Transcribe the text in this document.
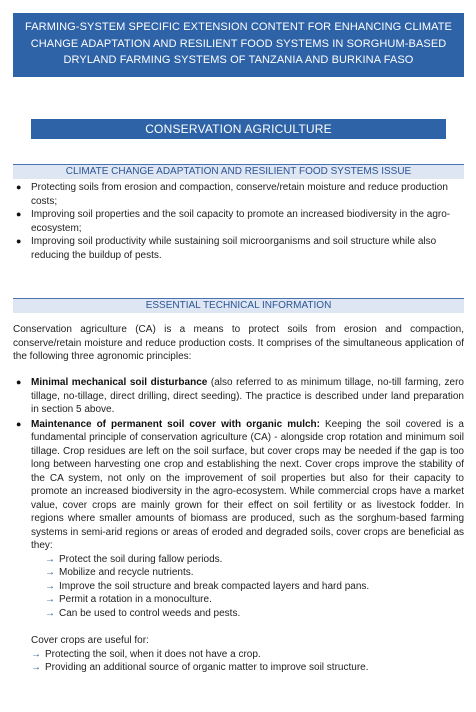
FARMING-SYSTEM SPECIFIC EXTENSION CONTENT FOR ENHANCING CLIMATE
CHANGE ADAPTATION AND RESILIENT FOOD SYSTEMS IN SORGHUM-BASED
DRYLAND FARMING SYSTEMS OF TANZANIA AND BURKINA FASO
CONSERVATION AGRICULTURE
CLIMATE CHANGE ADAPTATION AND RESILIENT FOOD SYSTEMS ISSUE
● Protecting soils from erosion and compaction, conserve/retain moisture and reduce production costs;
● Improving soil properties and the soil capacity to promote an increased biodiversity in the agro-ecosystem;
● Improving soil productivity while sustaining soil microorganisms and soil structure while also reducing the buildup of pests.
ESSENTIAL TECHNICAL INFORMATION

Conservation agriculture (CA) is a means to protect soils from erosion and compaction, conserve/retain moisture and reduce production costs. It comprises of the simultaneous application of the following three agronomic principles:

● Minimal mechanical soil disturbance (also referred to as minimum tillage, no-till farming, zero tillage, no-tillage, direct drilling, direct seeding). The practice is described under land preparation in section 5 above.
● Maintenance of permanent soil cover with organic mulch: Keeping the soil covered is a fundamental principle of conservation agriculture (CA) - alongside crop rotation and minimum soil tillage. Crop residues are left on the soil surface, but cover crops may be needed if the gap is too long between harvesting one crop and establishing the next. Cover crops improve the stability of the CA system, not only on the improvement of soil properties but also for their capacity to promote an increased biodiversity in the agro-ecosystem. While commercial crops have a market value, cover crops are mainly grown for their effect on soil fertility or as livestock fodder. In regions where smaller amounts of biomass are produced, such as the sorghum-based farming systems in semi-arid regions or areas of eroded and degraded soils, cover crops are beneficial as they:
→ Protect the soil during fallow periods.
→ Mobilize and recycle nutrients.
→ Improve the soil structure and break compacted layers and hard pans.
→ Permit a rotation in a monoculture.
→ Can be used to control weeds and pests.
Cover crops are useful for:
→ Protecting the soil, when it does not have a crop.
→ Providing an additional source of organic matter to improve soil structure.
